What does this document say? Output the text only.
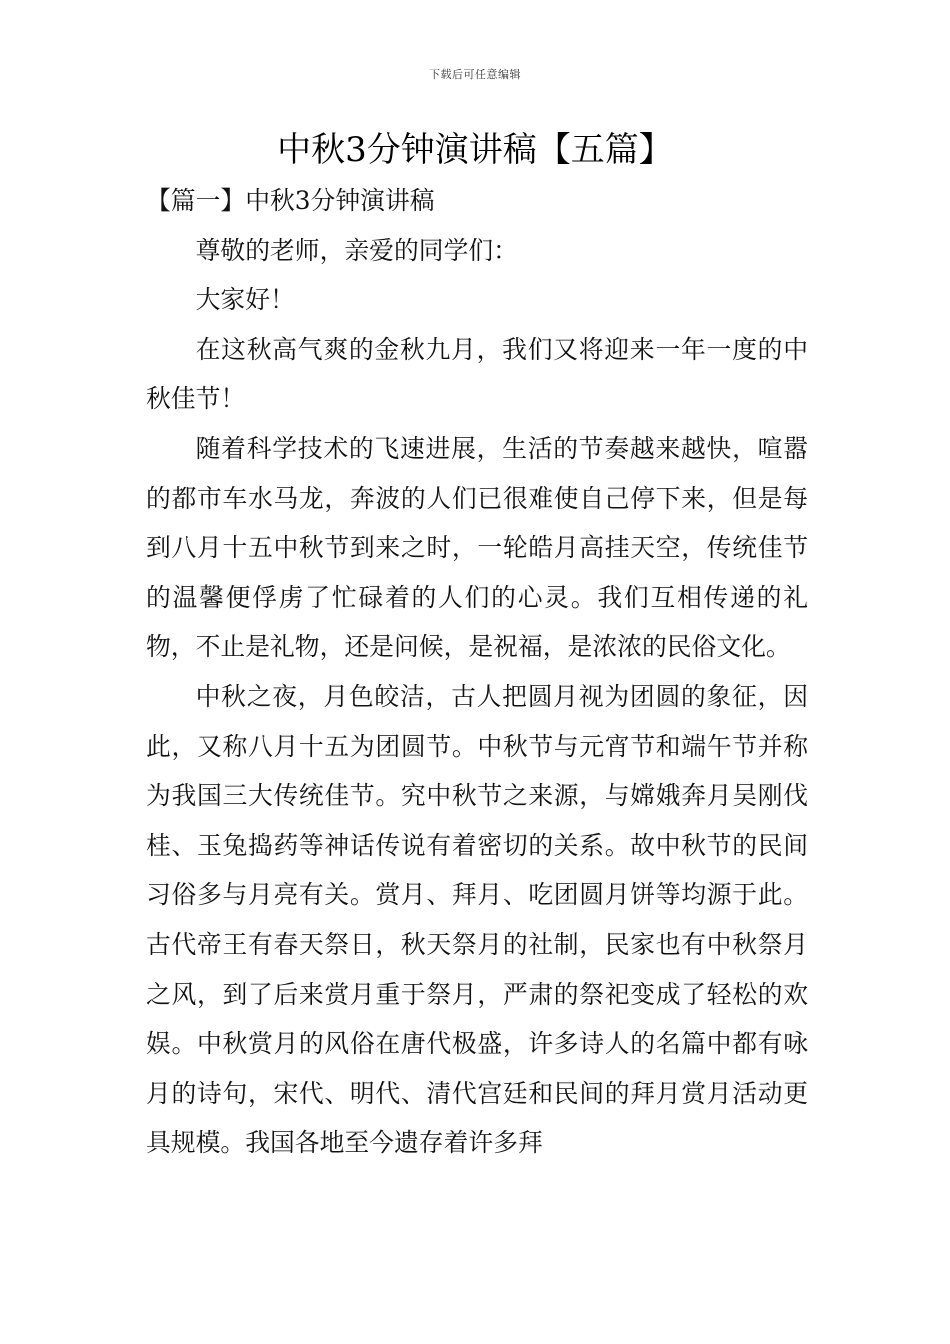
下载后可任意编辑
中秋3分钟演讲稿【五篇】
【篇一】中秋3分钟演讲稿

尊敬的老师，亲爱的同学们：

大家好！

在这秋高气爽的金秋九月，我们又将迎来一年一度的中秋佳节！

随着科学技术的飞速进展，生活的节奏越来越快，喧嚣的都市车水马龙，奔波的人们已很难使自己停下来，但是每到八月十五中秋节到来之时，一轮皓月高挂天空，传统佳节的温馨便俘虏了忙碌着的人们的心灵。我们互相传递的礼物，不止是礼物，还是问候，是祝福，是浓浓的民俗文化。

中秋之夜，月色皎洁，古人把圆月视为团圆的象征，因此，又称八月十五为团圆节。中秋节与元宵节和端午节并称为我国三大传统佳节。究中秋节之来源，与嫦娥奔月吴刚伐桂、玉兔捣药等神话传说有着密切的关系。故中秋节的民间习俗多与月亮有关。赏月、拜月、吃团圆月饼等均源于此。古代帝王有春天祭日，秋天祭月的社制，民家也有中秋祭月之风，到了后来赏月重于祭月，严肃的祭祀变成了轻松的欢娱。中秋赏月的风俗在唐代极盛，许多诗人的名篇中都有咏月的诗句，宋代、明代、清代宫廷和民间的拜月赏月活动更具规模。我国各地至今遗存着许多拜
